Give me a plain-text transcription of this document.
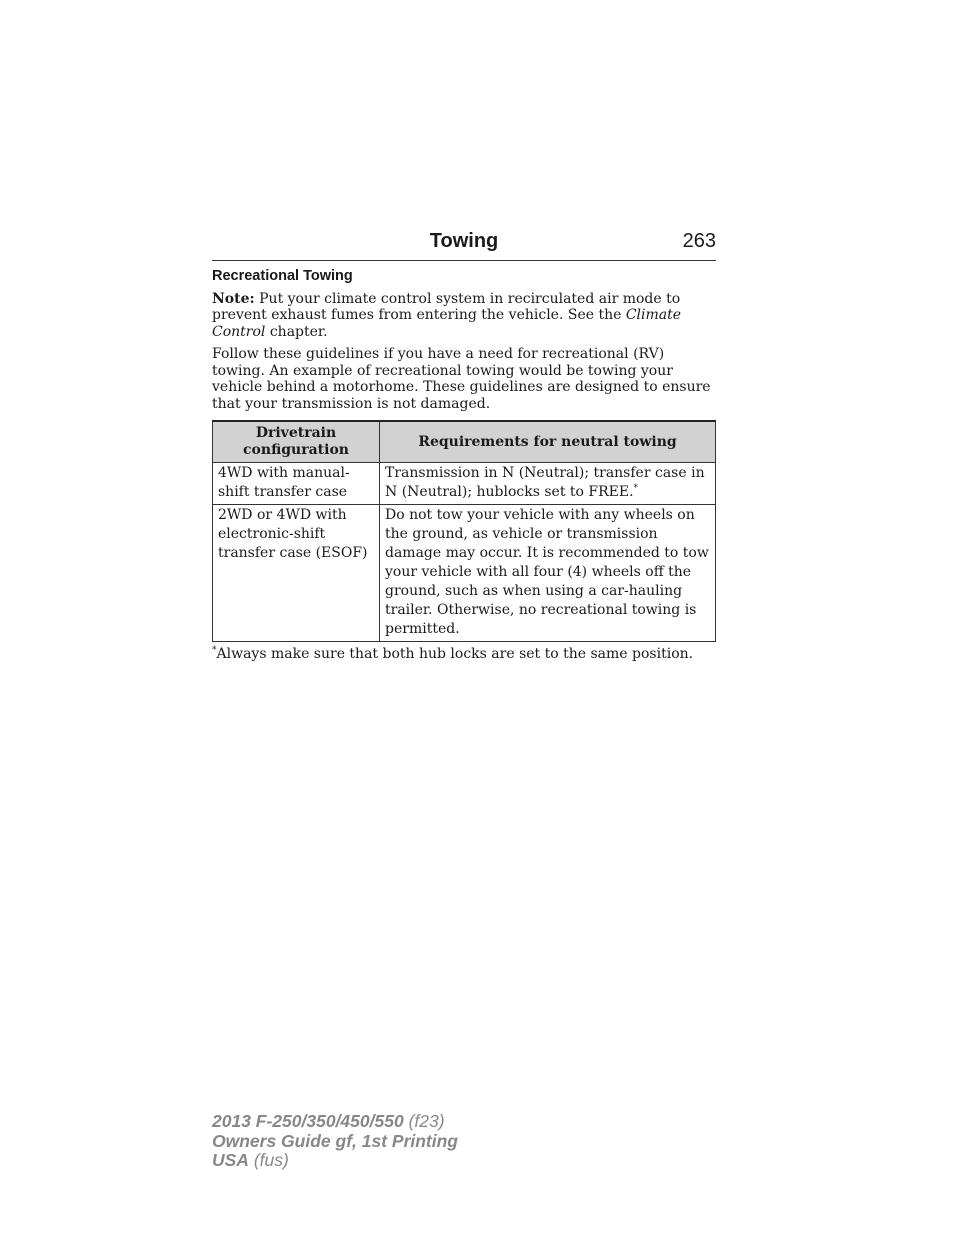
Towing	263
Recreational Towing

Note: Put your climate control system in recirculated air mode to prevent exhaust fumes from entering the vehicle. See the Climate Control chapter.

Follow these guidelines if you have a need for recreational (RV) towing. An example of recreational towing would be towing your vehicle behind a motorhome. These guidelines are designed to ensure that your transmission is not damaged.

Drivetrain configuration	Requirements for neutral towing
4WD with manual-shift transfer case	Transmission in N (Neutral); transfer case in N (Neutral); hublocks set to FREE.*
2WD or 4WD with electronic-shift transfer case (ESOF)	Do not tow your vehicle with any wheels on the ground, as vehicle or transmission damage may occur. It is recommended to tow your vehicle with all four (4) wheels off the ground, such as when using a car-hauling trailer. Otherwise, no recreational towing is permitted.

*Always make sure that both hub locks are set to the same position.

2013 F-250/350/450/550 (f23)
Owners Guide gf, 1st Printing
USA (fus)
